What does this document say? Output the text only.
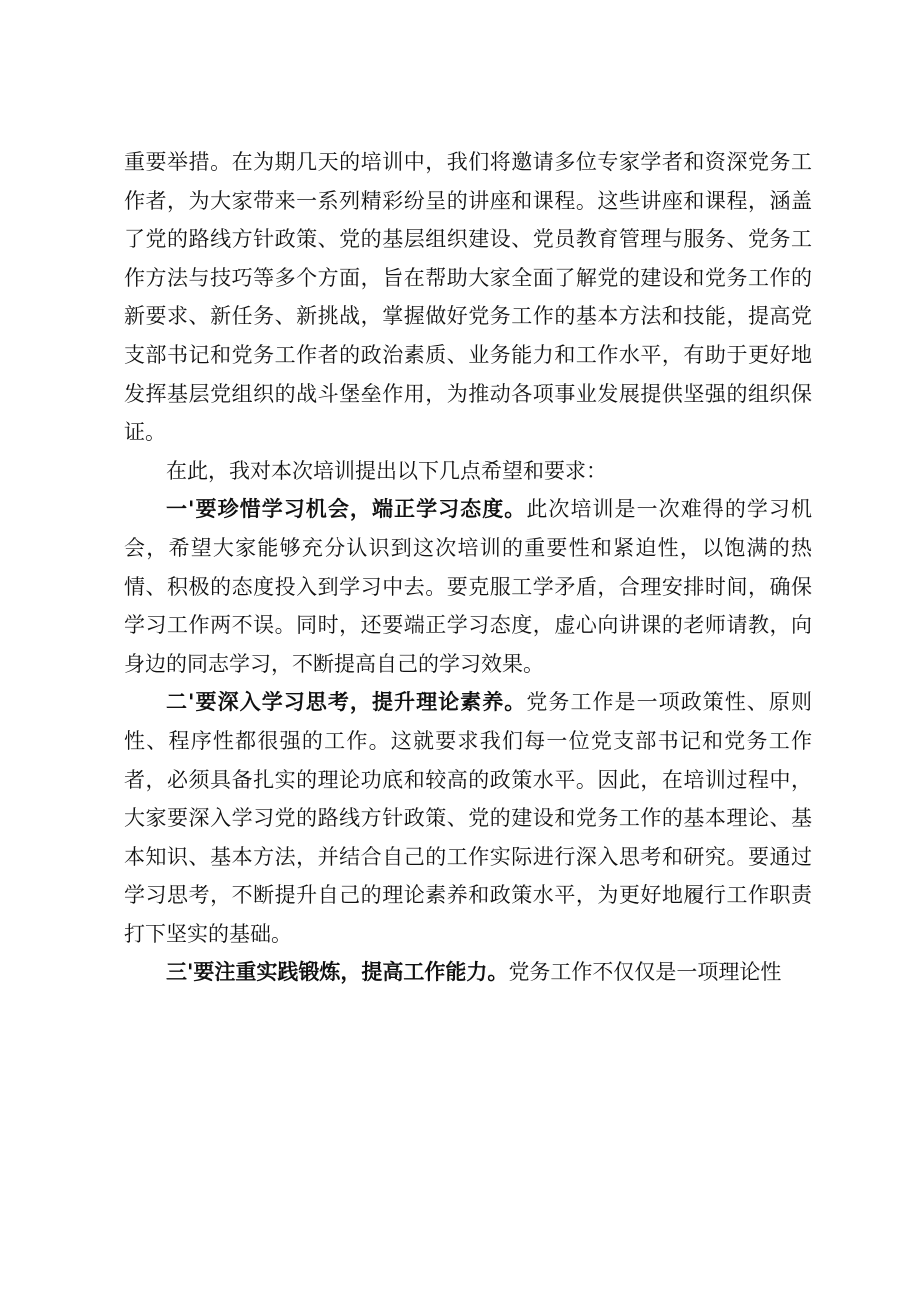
重要举措。在为期几天的培训中，我们将邀请多位专家学者和资深党务工作者，为大家带来一系列精彩纷呈的讲座和课程。这些讲座和课程，涵盖了党的路线方针政策、党的基层组织建设、党员教育管理与服务、党务工作方法与技巧等多个方面，旨在帮助大家全面了解党的建设和党务工作的新要求、新任务、新挑战，掌握做好党务工作的基本方法和技能，提高党支部书记和党务工作者的政治素质、业务能力和工作水平，有助于更好地发挥基层党组织的战斗堡垒作用，为推动各项事业发展提供坚强的组织保证。

在此，我对本次培训提出以下几点希望和要求：

一'要珍惜学习机会，端正学习态度。此次培训是一次难得的学习机会，希望大家能够充分认识到这次培训的重要性和紧迫性，以饱满的热情、积极的态度投入到学习中去。要克服工学矛盾，合理安排时间，确保学习工作两不误。同时，还要端正学习态度，虚心向讲课的老师请教，向身边的同志学习，不断提高自己的学习效果。

二'要深入学习思考，提升理论素养。党务工作是一项政策性、原则性、程序性都很强的工作。这就要求我们每一位党支部书记和党务工作者，必须具备扎实的理论功底和较高的政策水平。因此，在培训过程中，大家要深入学习党的路线方针政策、党的建设和党务工作的基本理论、基本知识、基本方法，并结合自己的工作实际进行深入思考和研究。要通过学习思考，不断提升自己的理论素养和政策水平，为更好地履行工作职责打下坚实的基础。

三'要注重实践锻炼，提高工作能力。党务工作不仅仅是一项理论性
